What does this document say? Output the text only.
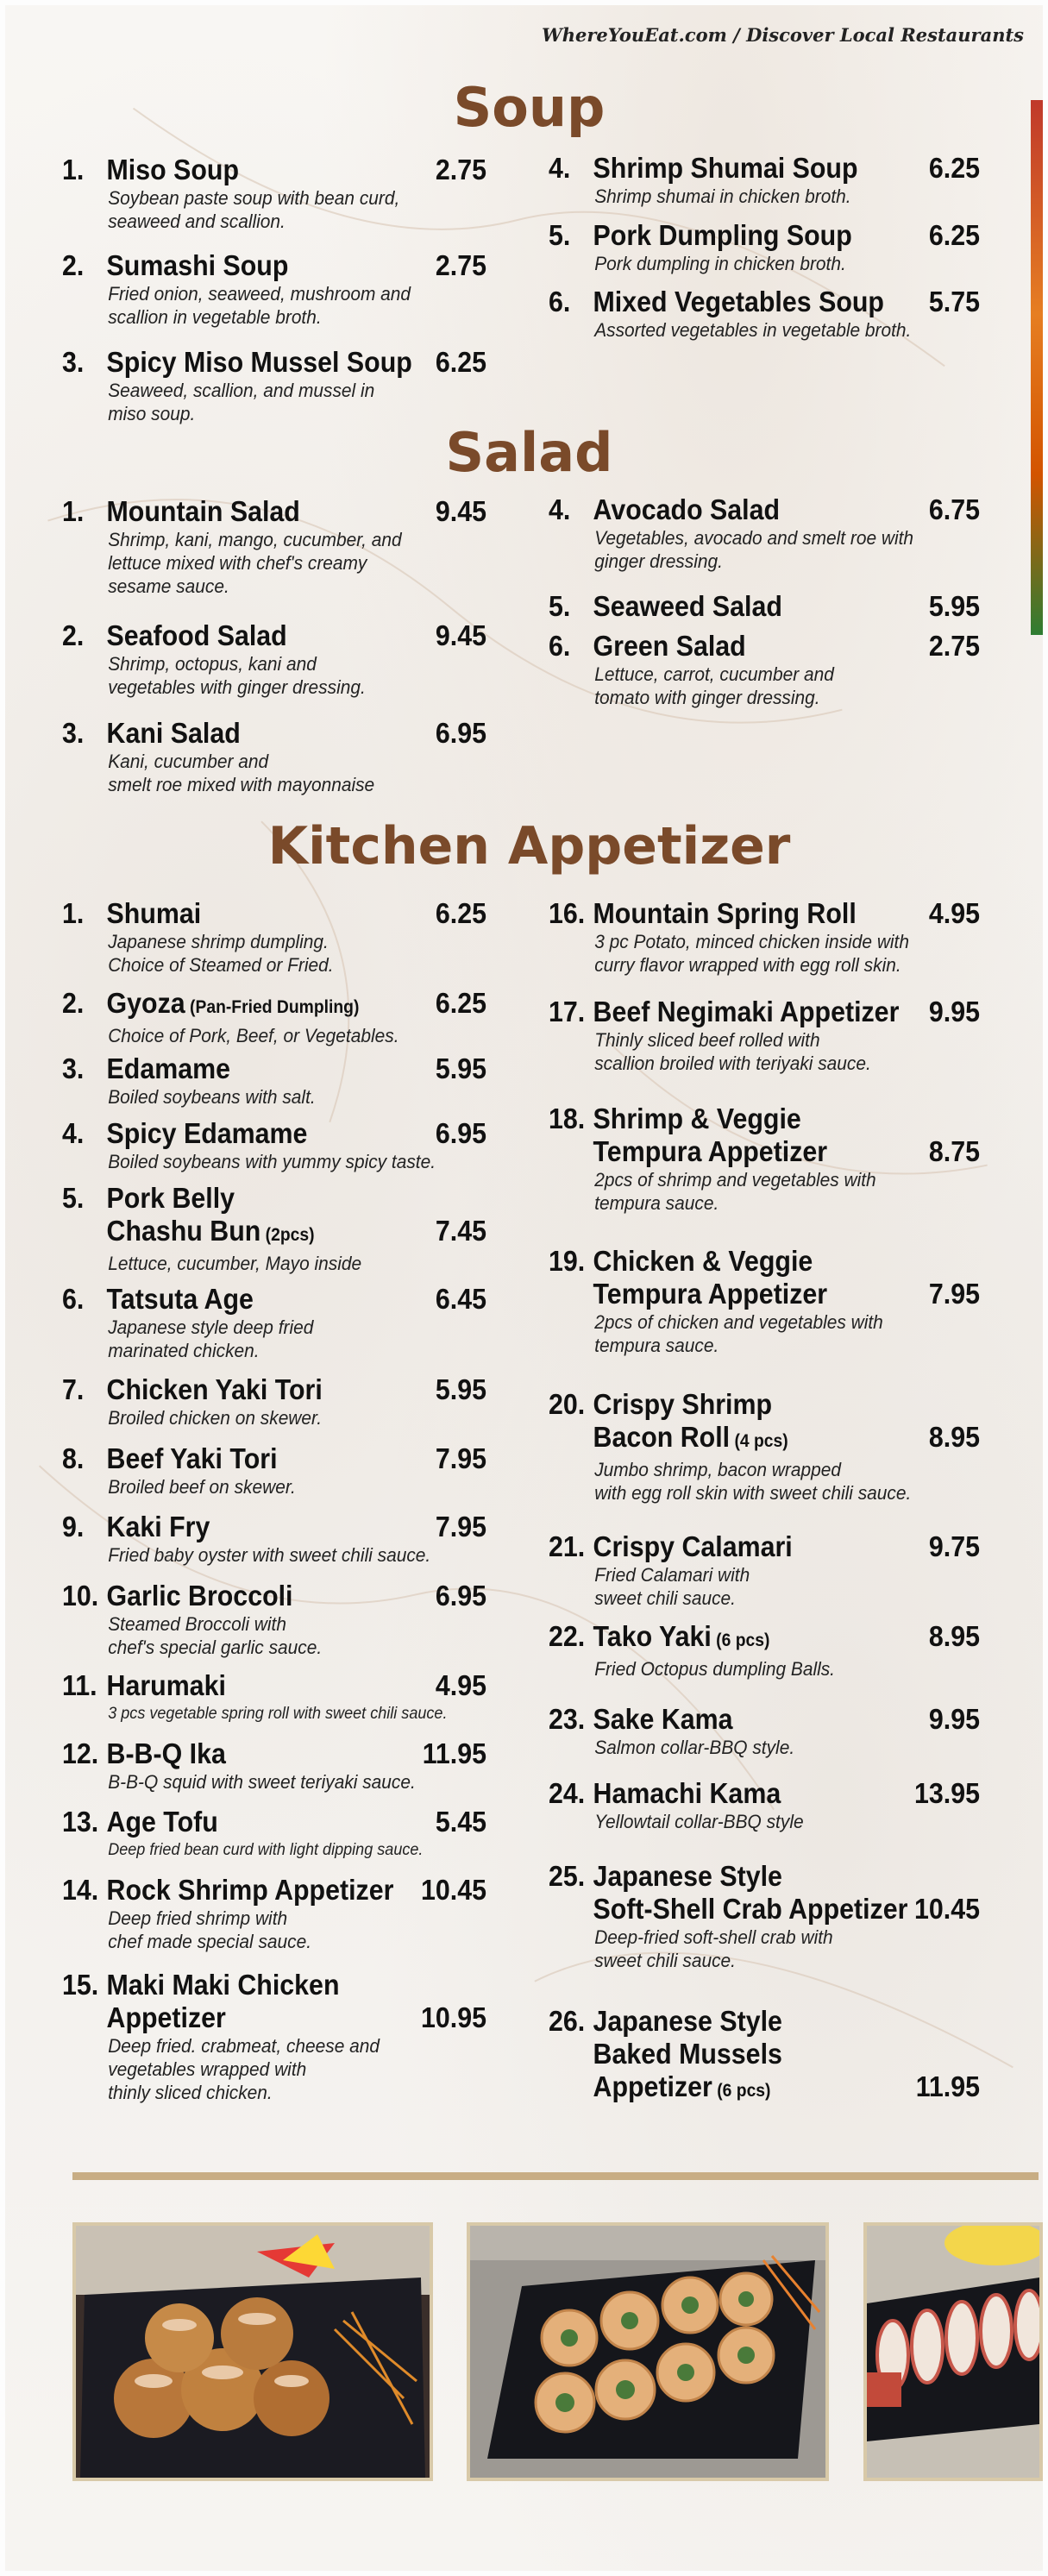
WhereYouEat.com / Discover Local Restaurants
Soup
Salad
Kitchen Appetizer
1. Miso Soup	2.75
Soybean paste soup with bean curd,
seaweed and scallion.
2. Sumashi Soup	2.75
Fried onion, seaweed, mushroom and
scallion in vegetable broth.
3. Spicy Miso Mussel Soup 6.25
Seaweed, scallion, and mussel in
miso soup.
4. Shrimp Shumai Soup	6.25
Shrimp shumai in chicken broth.
5. Pork Dumpling Soup	6.25
Pork dumpling in chicken broth.
6. Mixed Vegetables Soup	5.75
Assorted vegetables in vegetable broth.
1. Mountain Salad	9.45
Shrimp, kani, mango, cucumber, and
lettuce mixed with chef's creamy
sesame sauce.
2. Seafood Salad	9.45
Shrimp, octopus, kani and
vegetables with ginger dressing.
3. Kani Salad	6.95
Kani, cucumber and
smelt roe mixed with mayonnaise
4. Avocado Salad	6.75
Vegetables, avocado and smelt roe with
ginger dressing.
5. Seaweed Salad	5.95
6. Green Salad	2.75
Lettuce, carrot, cucumber and
tomato with ginger dressing.
1. Shumai	6.25
Japanese shrimp dumpling.
Choice of Steamed or Fried.
2. Gyoza (Pan-Fried Dumpling)	6.25
Choice of Pork, Beef, or Vegetables.
3. Edamame	5.95
Boiled soybeans with salt.
4. Spicy Edamame	6.95
Boiled soybeans with yummy spicy taste.
5. Pork Belly
Chashu Bun (2pcs)	7.45
Lettuce, cucumber, Mayo inside
6. Tatsuta Age	6.45
Japanese style deep fried
marinated chicken.
7. Chicken Yaki Tori	5.95
Broiled chicken on skewer.
8. Beef Yaki Tori	7.95
Broiled beef on skewer.
9. Kaki Fry	7.95
Fried baby oyster with sweet chili sauce.
10. Garlic Broccoli	6.95
Steamed Broccoli with
chef's special garlic sauce.
11. Harumaki	4.95
3 pcs vegetable spring roll with sweet chili sauce.
12. B-B-Q Ika	11.95
B-B-Q squid with sweet teriyaki sauce.
13. Age Tofu	5.45
Deep fried bean curd with light dipping sauce.
14. Rock Shrimp Appetizer 10.45
Deep fried shrimp with
chef made special sauce.
15. Maki Maki Chicken
Appetizer	10.95
Deep fried. crabmeat, cheese and
vegetables wrapped with
thinly sliced chicken.
16. Mountain Spring Roll	4.95
3 pc Potato, minced chicken inside with
curry flavor wrapped with egg roll skin.
17. Beef Negimaki Appetizer	9.95
Thinly sliced beef rolled with
scallion broiled with teriyaki sauce.
18. Shrimp & Veggie
Tempura Appetizer	8.75
2pcs of shrimp and vegetables with
tempura sauce.
19. Chicken & Veggie
Tempura Appetizer	7.95
2pcs of chicken and vegetables with
tempura sauce.
20. Crispy Shrimp
Bacon Roll (4 pcs)	8.95
Jumbo shrimp, bacon wrapped
with egg roll skin with sweet chili sauce.
21. Crispy Calamari	9.75
Fried Calamari with
sweet chili sauce.
22. Tako Yaki (6 pcs)	8.95
Fried Octopus dumpling Balls.
23. Sake Kama	9.95
Salmon collar-BBQ style.
24. Hamachi Kama	13.95
Yellowtail collar-BBQ style
25. Japanese Style
Soft-Shell Crab Appetizer 10.45
Deep-fried soft-shell crab with
sweet chili sauce.
26. Japanese Style
Baked Mussels
Appetizer (6 pcs)	11.95
